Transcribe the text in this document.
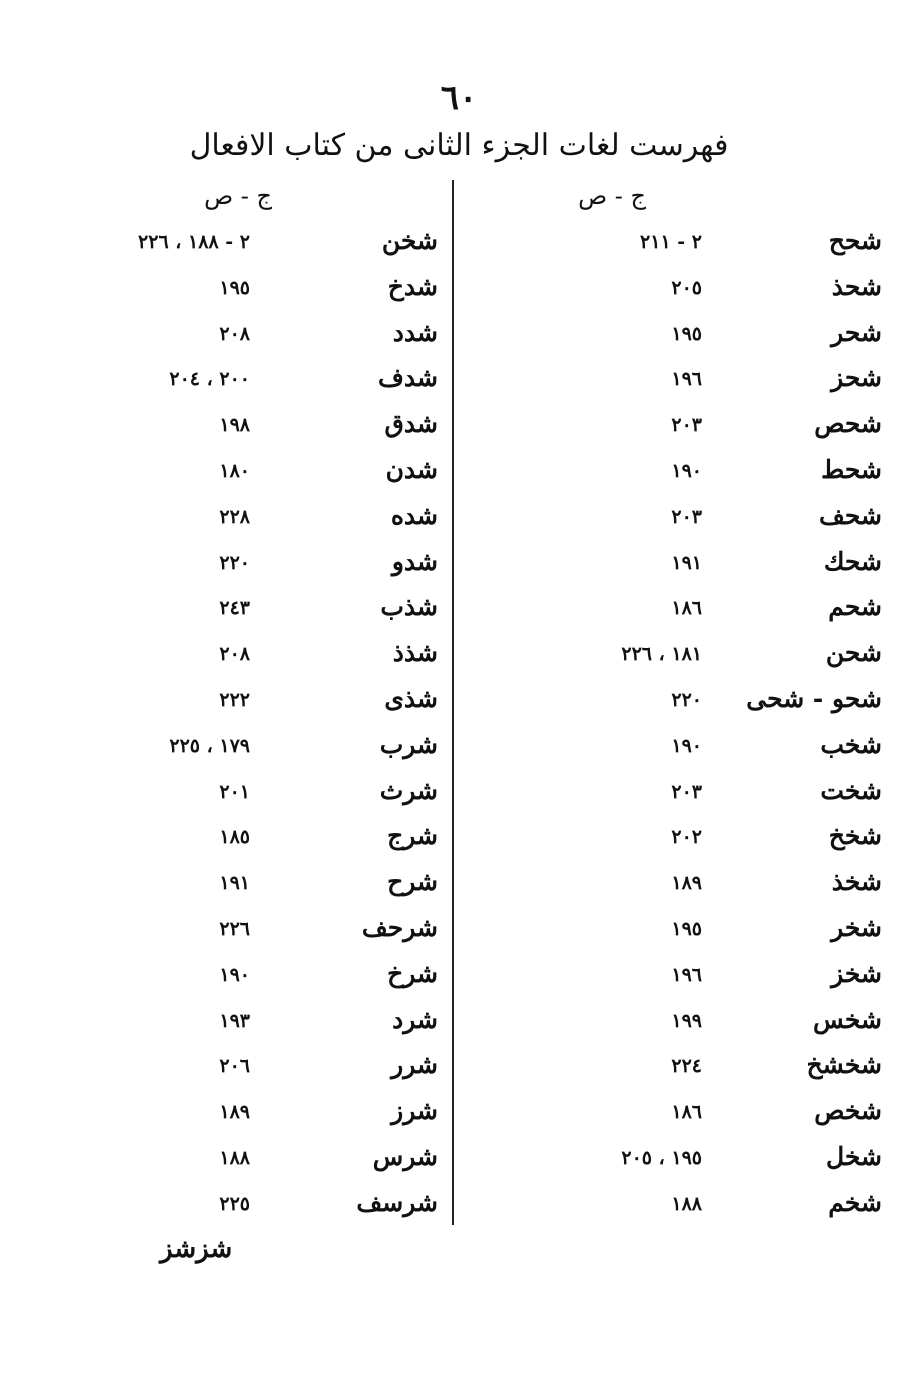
٦٠
فهرست لغات الجزء الثانى من كتاب الافعال
ج - ص
ج - ص
شحح
٢ - ٢١١
شحذ
٢٠٥
شحر
١٩٥
شحز
١٩٦
شحص
٢٠٣
شحط
١٩٠
شحف
٢٠٣
شحك
١٩١
شحم
١٨٦
شحن
١٨١ ، ٢٢٦
شحو - شحى
٢٢٠
شخب
١٩٠
شخت
٢٠٣
شخخ
٢٠٢
شخذ
١٨٩
شخر
١٩٥
شخز
١٩٦
شخس
١٩٩
شخشخ
٢٢٤
شخص
١٨٦
شخل
١٩٥ ، ٢٠٥
شخم
١٨٨
شخن
٢ - ١٨٨ ، ٢٢٦
شدخ
١٩٥
شدد
٢٠٨
شدف
٢٠٠ ، ٢٠٤
شدق
١٩٨
شدن
١٨٠
شده
٢٢٨
شدو
٢٢٠
شذب
٢٤٣
شذذ
٢٠٨
شذى
٢٢٢
شرب
١٧٩ ، ٢٢٥
شرث
٢٠١
شرج
١٨٥
شرح
١٩١
شرحف
٢٢٦
شرخ
١٩٠
شرد
١٩٣
شرر
٢٠٦
شرز
١٨٩
شرس
١٨٨
شرسف
٢٢٥
شزشز
